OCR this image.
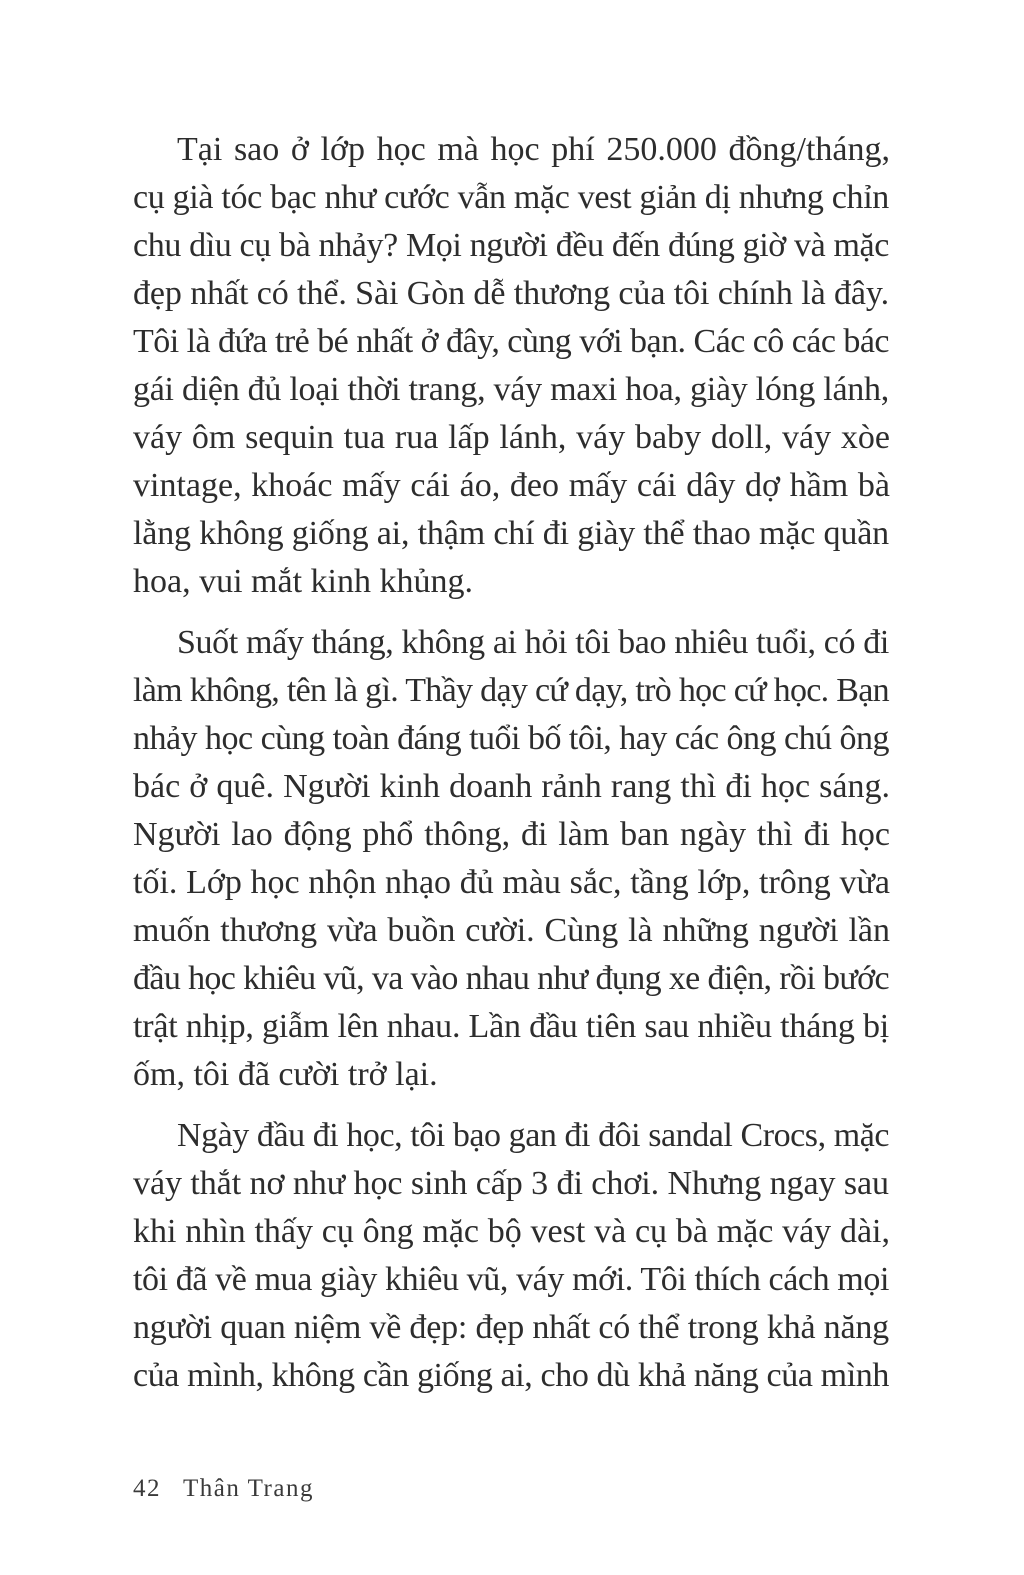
Tại sao ở lớp học mà học phí 250.000 đồng/tháng,
cụ già tóc bạc như cước vẫn mặc vest giản dị nhưng chỉn
chu dìu cụ bà nhảy? Mọi người đều đến đúng giờ và mặc
đẹp nhất có thể. Sài Gòn dễ thương của tôi chính là đây.
Tôi là đứa trẻ bé nhất ở đây, cùng với bạn. Các cô các bác
gái diện đủ loại thời trang, váy maxi hoa, giày lóng lánh,
váy ôm sequin tua rua lấp lánh, váy baby doll, váy xòe
vintage, khoác mấy cái áo, đeo mấy cái dây dợ hầm bà
lằng không giống ai, thậm chí đi giày thể thao mặc quần
hoa, vui mắt kinh khủng.
Suốt mấy tháng, không ai hỏi tôi bao nhiêu tuổi, có đi
làm không, tên là gì. Thầy dạy cứ dạy, trò học cứ học. Bạn
nhảy học cùng toàn đáng tuổi bố tôi, hay các ông chú ông
bác ở quê. Người kinh doanh rảnh rang thì đi học sáng.
Người lao động phổ thông, đi làm ban ngày thì đi học
tối. Lớp học nhộn nhạo đủ màu sắc, tầng lớp, trông vừa
muốn thương vừa buồn cười. Cùng là những người lần
đầu học khiêu vũ, va vào nhau như đụng xe điện, rồi bước
trật nhịp, giẫm lên nhau. Lần đầu tiên sau nhiều tháng bị
ốm, tôi đã cười trở lại.
Ngày đầu đi học, tôi bạo gan đi đôi sandal Crocs, mặc
váy thắt nơ như học sinh cấp 3 đi chơi. Nhưng ngay sau
khi nhìn thấy cụ ông mặc bộ vest và cụ bà mặc váy dài,
tôi đã về mua giày khiêu vũ, váy mới. Tôi thích cách mọi
người quan niệm về đẹp: đẹp nhất có thể trong khả năng
của mình, không cần giống ai, cho dù khả năng của mình
42 Thân Trang
